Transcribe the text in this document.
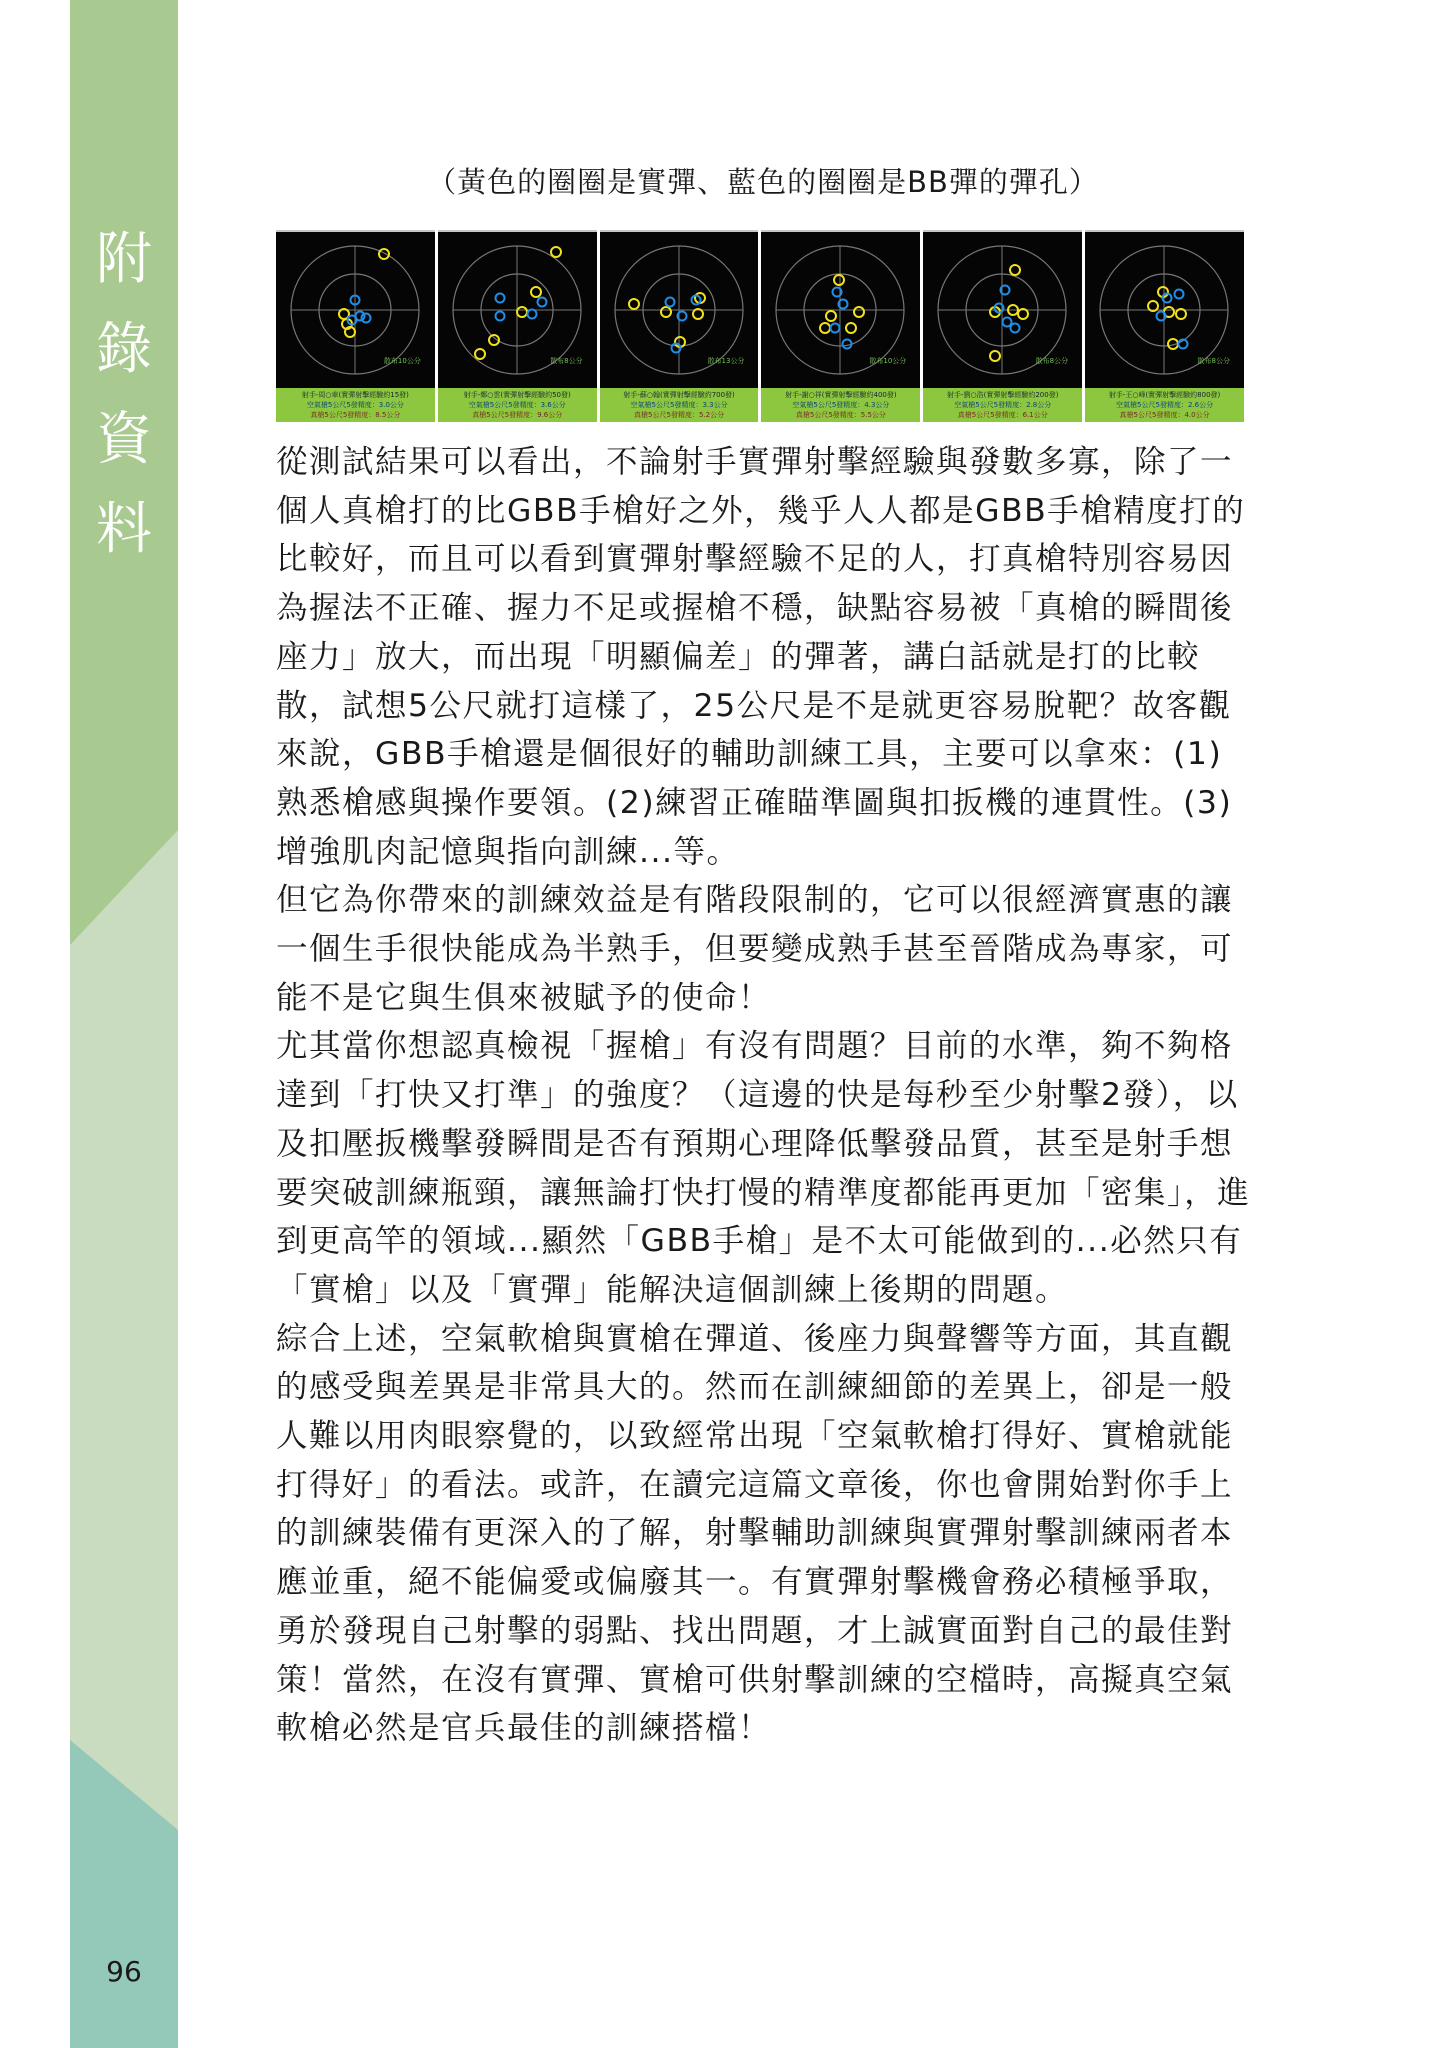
附
錄
資
料
96
（黃色的圈圈是實彈、藍色的圈圈是BB彈的彈孔）
散布10公分
射手-周○車(實彈射擊經驗約15發)
空氣槍5公尺5發精度：3.0公分
真槍5公尺5發精度：8.5公分
散布8公分
射手-鄭○雲(實彈射擊經驗約50發)
空氣槍5公尺5發精度：3.6公分
真槍5公尺5發精度：9.6公分
散布13公分
射手-蘇○翰(實彈射擊經驗約700發)
空氣槍5公尺5發精度：3.3公分
真槍5公尺5發精度：5.2公分
散布10公分
射手-謝○祥(實彈射擊經驗約400發)
空氣槍5公尺5發精度：4.3公分
真槍5公尺5發精度：5.5公分
散布8公分
射手-劉○浩(實彈射擊經驗約200發)
空氣槍5公尺5發精度：2.8公分
真槍5公尺5發精度：6.1公分
散布8公分
射手-王○峰(實彈射擊經驗約800發)
空氣槍5公尺5發精度：2.6公分
真槍5公尺5發精度：4.0公分

從測試結果可以看出，不論射手實彈射擊經驗與發數多寡，除了一個人真槍打的比GBB手槍好之外，幾乎人人都是GBB手槍精度打的比較好，而且可以看到實彈射擊經驗不足的人，打真槍特別容易因為握法不正確、握力不足或握槍不穩，缺點容易被「真槍的瞬間後座力」放大，而出現「明顯偏差」的彈著，講白話就是打的比較散，試想5公尺就打這樣了，25公尺是不是就更容易脫靶？故客觀來說，GBB手槍還是個很好的輔助訓練工具，主要可以拿來：(1)熟悉槍感與操作要領。(2)練習正確瞄準圖與扣扳機的連貫性。(3)增強肌肉記憶與指向訓練...等。

但它為你帶來的訓練效益是有階段限制的，它可以很經濟實惠的讓一個生手很快能成為半熟手，但要變成熟手甚至晉階成為專家，可能不是它與生俱來被賦予的使命！

尤其當你想認真檢視「握槍」有沒有問題？目前的水準，夠不夠格達到「打快又打準」的強度？（這邊的快是每秒至少射擊2發），以及扣壓扳機擊發瞬間是否有預期心理降低擊發品質，甚至是射手想要突破訓練瓶頸，讓無論打快打慢的精準度都能再更加「密集」，進到更高竿的領域...顯然「GBB手槍」是不太可能做到的...必然只有「實槍」以及「實彈」能解決這個訓練上後期的問題。

綜合上述，空氣軟槍與實槍在彈道、後座力與聲響等方面，其直觀的感受與差異是非常具大的。然而在訓練細節的差異上，卻是一般人難以用肉眼察覺的，以致經常出現「空氣軟槍打得好、實槍就能打得好」的看法。或許，在讀完這篇文章後，你也會開始對你手上的訓練裝備有更深入的了解，射擊輔助訓練與實彈射擊訓練兩者本應並重，絕不能偏愛或偏廢其一。有實彈射擊機會務必積極爭取，勇於發現自己射擊的弱點、找出問題，才上誠實面對自己的最佳對策！當然，在沒有實彈、實槍可供射擊訓練的空檔時，高擬真空氣軟槍必然是官兵最佳的訓練搭檔！
